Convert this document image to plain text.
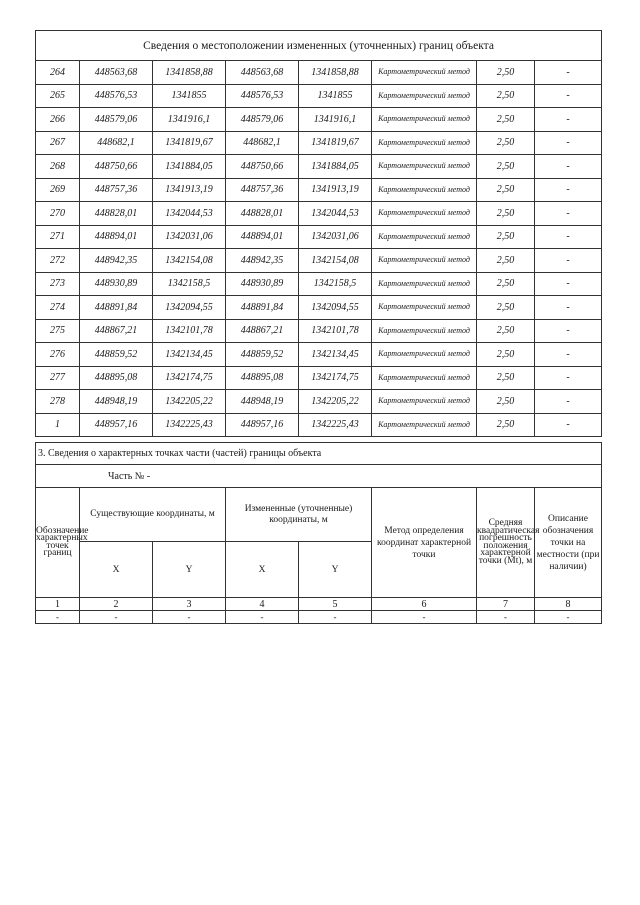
Сведения о местоположении измененных (уточненных) границ объекта							
264	448563,68	1341858,88	448563,68	1341858,88	Картометрический метод	2,50	-
265	448576,53	1341855	448576,53	1341855	Картометрический метод	2,50	-
266	448579,06	1341916,1	448579,06	1341916,1	Картометрический метод	2,50	-
267	448682,1	1341819,67	448682,1	1341819,67	Картометрический метод	2,50	-
268	448750,66	1341884,05	448750,66	1341884,05	Картометрический метод	2,50	-
269	448757,36	1341913,19	448757,36	1341913,19	Картометрический метод	2,50	-
270	448828,01	1342044,53	448828,01	1342044,53	Картометрический метод	2,50	-
271	448894,01	1342031,06	448894,01	1342031,06	Картометрический метод	2,50	-
272	448942,35	1342154,08	448942,35	1342154,08	Картометрический метод	2,50	-
273	448930,89	1342158,5	448930,89	1342158,5	Картометрический метод	2,50	-
274	448891,84	1342094,55	448891,84	1342094,55	Картометрический метод	2,50	-
275	448867,21	1342101,78	448867,21	1342101,78	Картометрический метод	2,50	-
276	448859,52	1342134,45	448859,52	1342134,45	Картометрический метод	2,50	-
277	448895,08	1342174,75	448895,08	1342174,75	Картометрический метод	2,50	-
278	448948,19	1342205,22	448948,19	1342205,22	Картометрический метод	2,50	-
1	448957,16	1342225,43	448957,16	1342225,43	Картометрический метод	2,50	-
3. Сведения о характерных точках части (частей) границы объекта							
Часть № -							
Обозначение характерных точек границ	Существующие координаты, м		Измененные (уточненные) координаты, м		Метод определения координат характерной точки	Средняя квадратическая погрешность положения характерной точки (Mt), м	Описание обозначения точки на местности (при наличии)
	X	Y	X	Y			
1	2	3	4	5	6	7	8
-	-	-	-	-	-	-	-
